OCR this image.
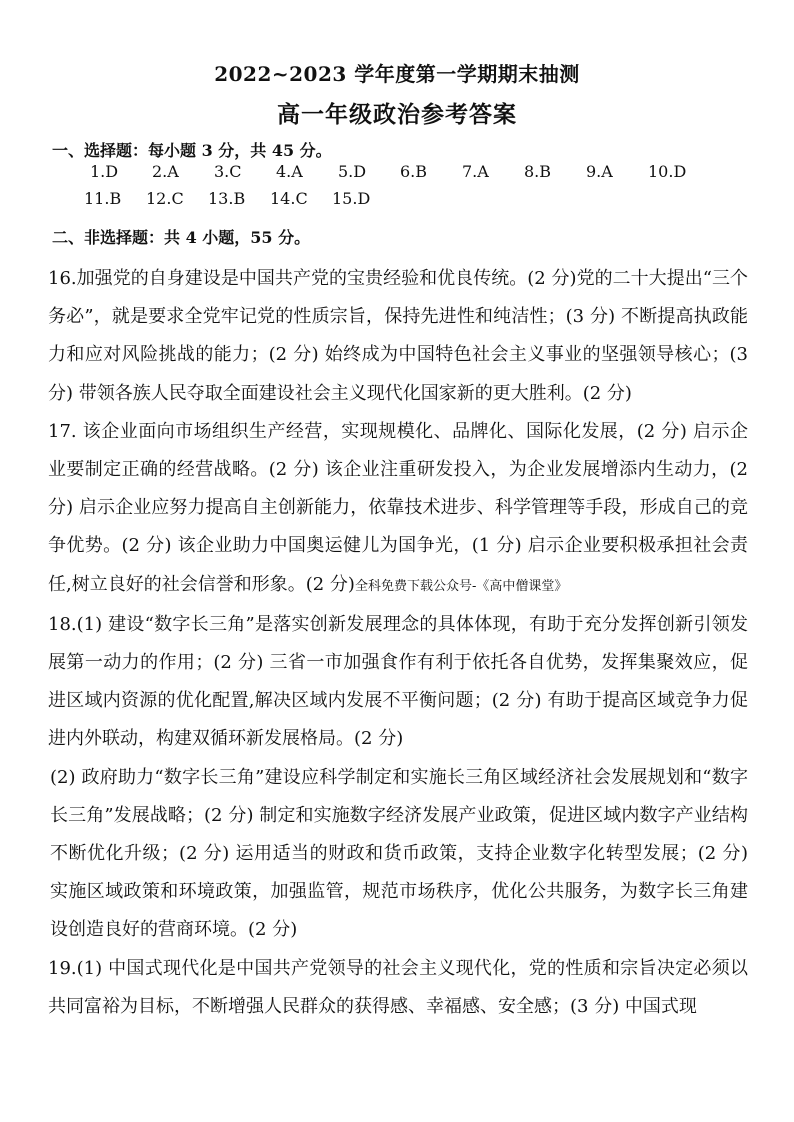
2022~2023 学年度第一学期期末抽测
高一年级政治参考答案
一、选择题：每小题 3 分，共 45 分。
1.D	2.A	3.C	4.A	5.D	6.B	7.A	8.B	9.A	10.D
11.B	12.C	13.B	14.C	15.D
二、非选择题：共 4 小题，55 分。

16.加强党的自身建设是中国共产党的宝贵经验和优良传统。(2 分)党的二十大提出“三个务必”，就是要求全党牢记党的性质宗旨，保持先进性和纯洁性；(3 分) 不断提高执政能力和应对风险挑战的能力；(2 分) 始终成为中国特色社会主义事业的坚强领导核心；(3 分) 带领各族人民夺取全面建设社会主义现代化国家新的更大胜利。(2 分)

17. 该企业面向市场组织生产经营，实现规模化、品牌化、国际化发展，(2 分) 启示企业要制定正确的经营战略。(2 分) 该企业注重研发投入，为企业发展增添内生动力，(2 分) 启示企业应努力提高自主创新能力，依靠技术进步、科学管理等手段，形成自己的竞争优势。(2 分) 该企业助力中国奥运健儿为国争光，(1 分) 启示企业要积极承担社会责任,树立良好的社会信誉和形象。(2 分)全科免费下载公众号-《高中僧课堂》

18.(1) 建设“数字长三角”是落实创新发展理念的具体体现，有助于充分发挥创新引领发展第一动力的作用；(2 分) 三省一市加强食作有利于依托各自优势，发挥集聚效应，促进区域内资源的优化配置,解决区域内发展不平衡问题；(2 分) 有助于提高区域竞争力促进内外联动，构建双循环新发展格局。(2 分)

(2) 政府助力“数字长三角”建设应科学制定和实施长三角区域经济社会发展规划和“数字长三角”发展战略；(2 分) 制定和实施数字经济发展产业政策，促进区域内数字产业结构不断优化升级；(2 分) 运用适当的财政和货币政策，支持企业数字化转型发展；(2 分) 实施区域政策和环境政策，加强监管，规范市场秩序，优化公共服务，为数字长三角建设创造良好的营商环境。(2 分)

19.(1) 中国式现代化是中国共产党领导的社会主义现代化，党的性质和宗旨决定必须以共同富裕为目标，不断增强人民群众的获得感、幸福感、安全感；(3 分) 中国式现
